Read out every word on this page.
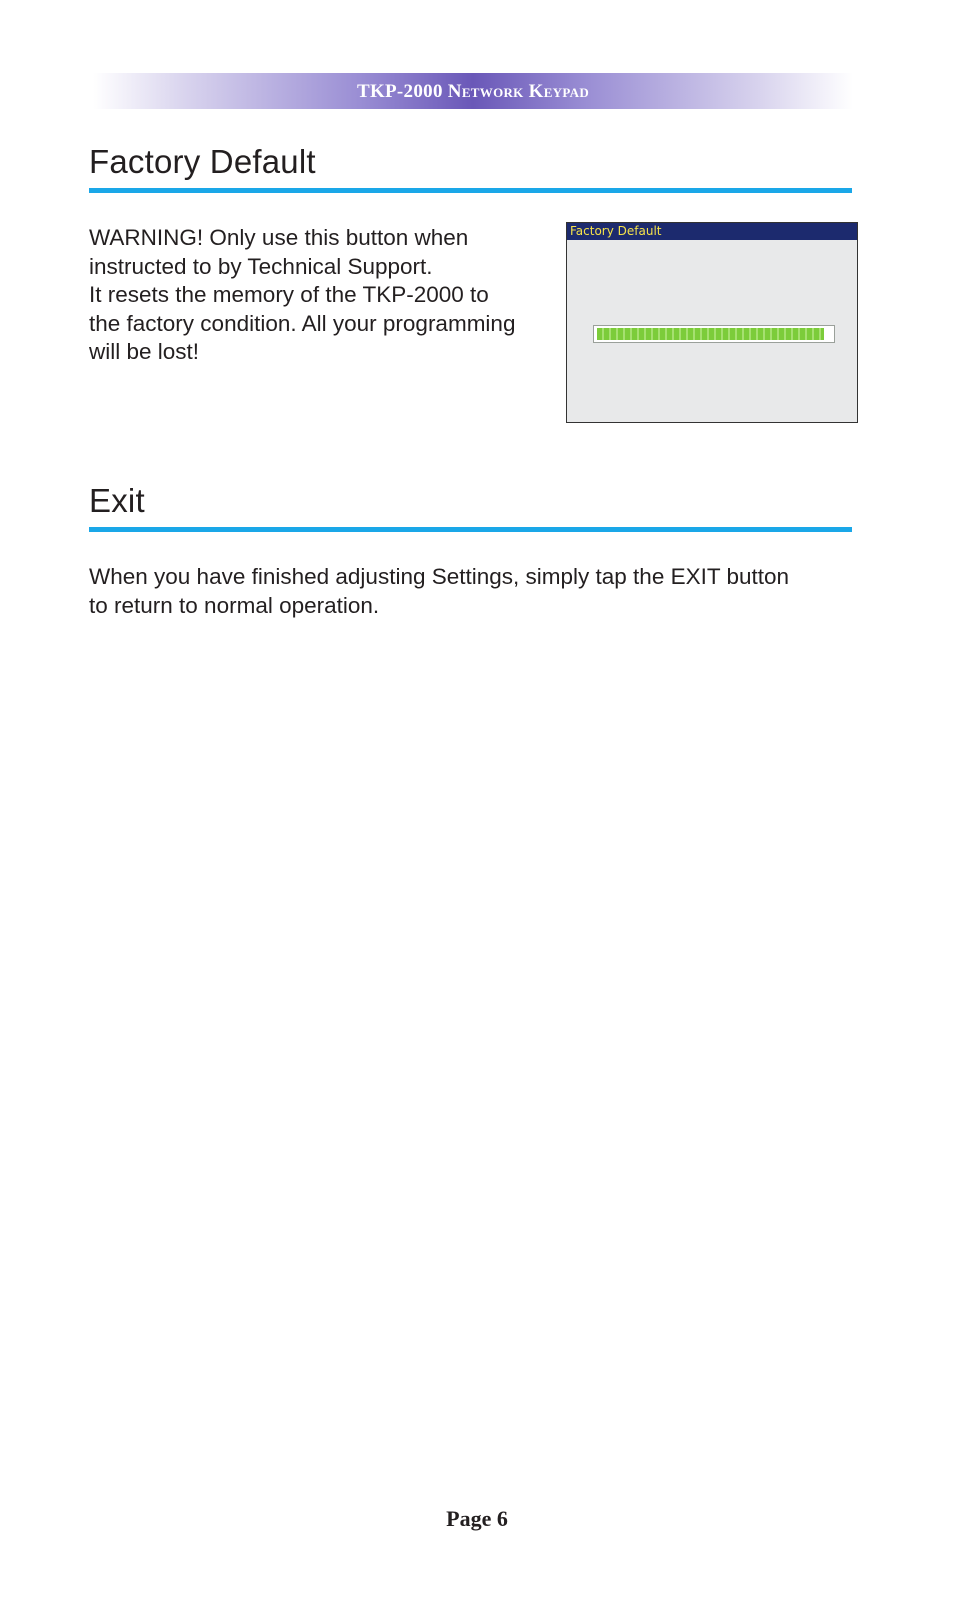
TKP-2000 Network Keypad
Factory Default

WARNING! Only use this button when
instructed to by Technical Support.
It resets the memory of the TKP-2000 to
the factory condition. All your programming
will be lost!

Factory Default
Exit

When you have finished adjusting Settings, simply tap the EXIT button
to return to normal operation.

Page 6
